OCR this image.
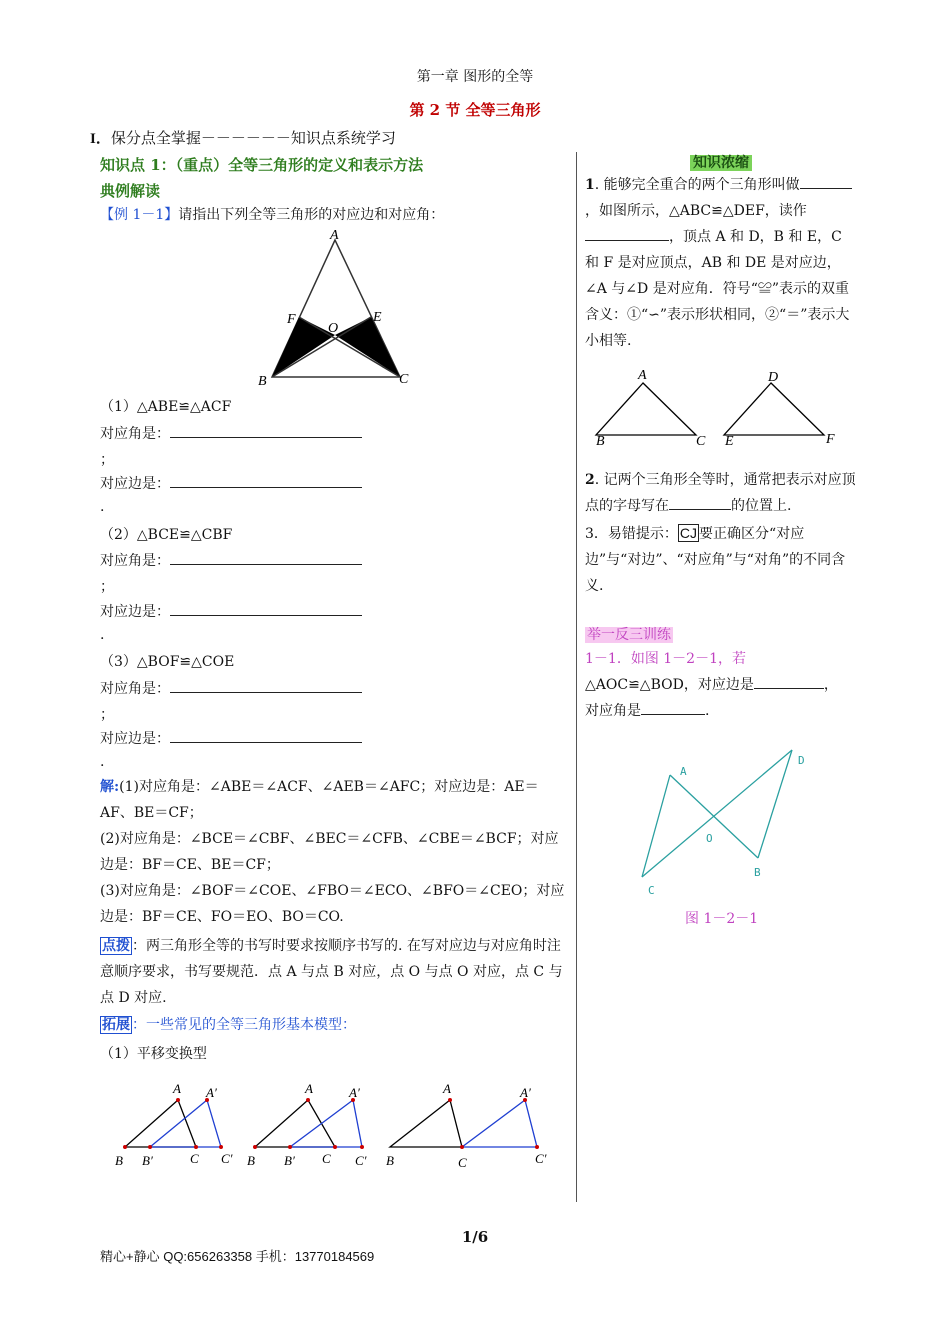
第一章 图形的全等
第 2 节 全等三角形
I．保分点全掌握－－－－－－知识点系统学习
知识点 1：（重点）全等三角形的定义和表示方法
典例解读
【例 1－1】请指出下列全等三角形的对应边和对应角：
A
F
O
E
B	C
（1）△ABE≌△ACF
对应角是：
；
对应边是：
.
（2）△BCE≌△CBF
对应角是：
；
对应边是：
.
（3）△BOF≌△COE
对应角是：
；
对应边是：
.
解:(1)对应角是：∠ABE＝∠ACF、∠AEB＝∠AFC；对应边是：AE＝AF、BE＝CF；
(2)对应角是：∠BCE＝∠CBF、∠BEC＝∠CFB、∠CBE＝∠BCF；对应边是：BF＝CE、BE＝CF；
(3)对应角是：∠BOF＝∠COE、∠FBO＝∠ECO、∠BFO＝∠CEO；对应边是：BF＝CE、FO＝EO、BO＝CO.
点拨 ：两三角形全等的书写时要求按顺序书写的. 在写对应边与对应角时注意顺序要求，书写要规范．点 A 与点 B 对应，点 O 与点 O 对应，点 C 与点 D 对应.
拓展 ：一些常见的全等三角形基本模型：
（1）平移变换型
A A′
B B′	C C′
A	A′
B B′ C C′
A	A′
B	C	C′
知识浓缩
1. 能够完全重合的两个三角形叫做，如图所示，△ABC≌△DEF，读作，顶点 A 和 D，B 和 E，C 和 F 是对应顶点，AB 和 DE 是对应边，∠A 与∠D 是对应角．符号“≌”表示的双重含义：①“∽”表示形状相同，②“＝”表示大小相等.
A
B	C
D
E	F
2. 记两个三角形全等时，通常把表示对应顶点的字母写在	的位置上.
3．易错提示： CJ 要正确区分“对应边”与“对边”、“对应角”与“对角”的不同含义.
举一反三训练
1－1．如图 1－2－1，若
△AOC≌△BOD，对应边是	，
对应角是	.
A
D
O
C
B
图 1－2－1
1/6
精心+静心 QQ:656263358 手机：13770184569
